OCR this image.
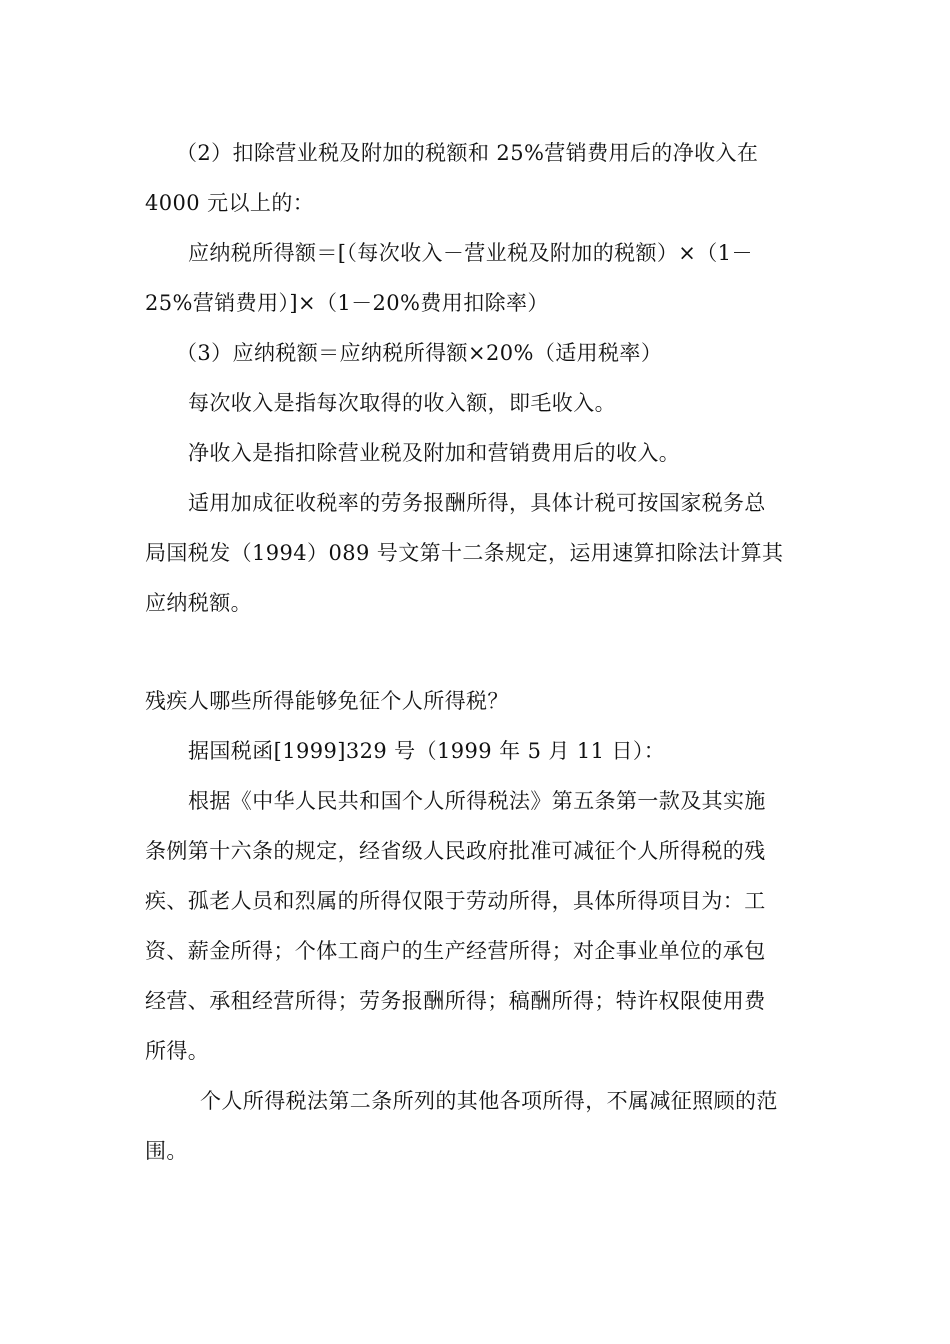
（2）扣除营业税及附加的税额和 25%营销费用后的净收入在
4000 元以上的：
应纳税所得额＝[（每次收入－营业税及附加的税额）×（1－
25%营销费用）]×（1－20%费用扣除率）
（3）应纳税额＝应纳税所得额×20%（适用税率）
每次收入是指每次取得的收入额，即毛收入。
净收入是指扣除营业税及附加和营销费用后的收入。
适用加成征收税率的劳务报酬所得，具体计税可按国家税务总
局国税发（1994）089 号文第十二条规定，运用速算扣除法计算其
应纳税额。
残疾人哪些所得能够免征个人所得税？
据国税函[1999]329 号（1999 年 5 月 11 日）：
根据《中华人民共和国个人所得税法》第五条第一款及其实施
条例第十六条的规定，经省级人民政府批准可减征个人所得税的残
疾、孤老人员和烈属的所得仅限于劳动所得，具体所得项目为：工
资、薪金所得；个体工商户的生产经营所得；对企事业单位的承包
经营、承租经营所得；劳务报酬所得；稿酬所得；特许权限使用费
所得。
个人所得税法第二条所列的其他各项所得，不属减征照顾的范
围。
